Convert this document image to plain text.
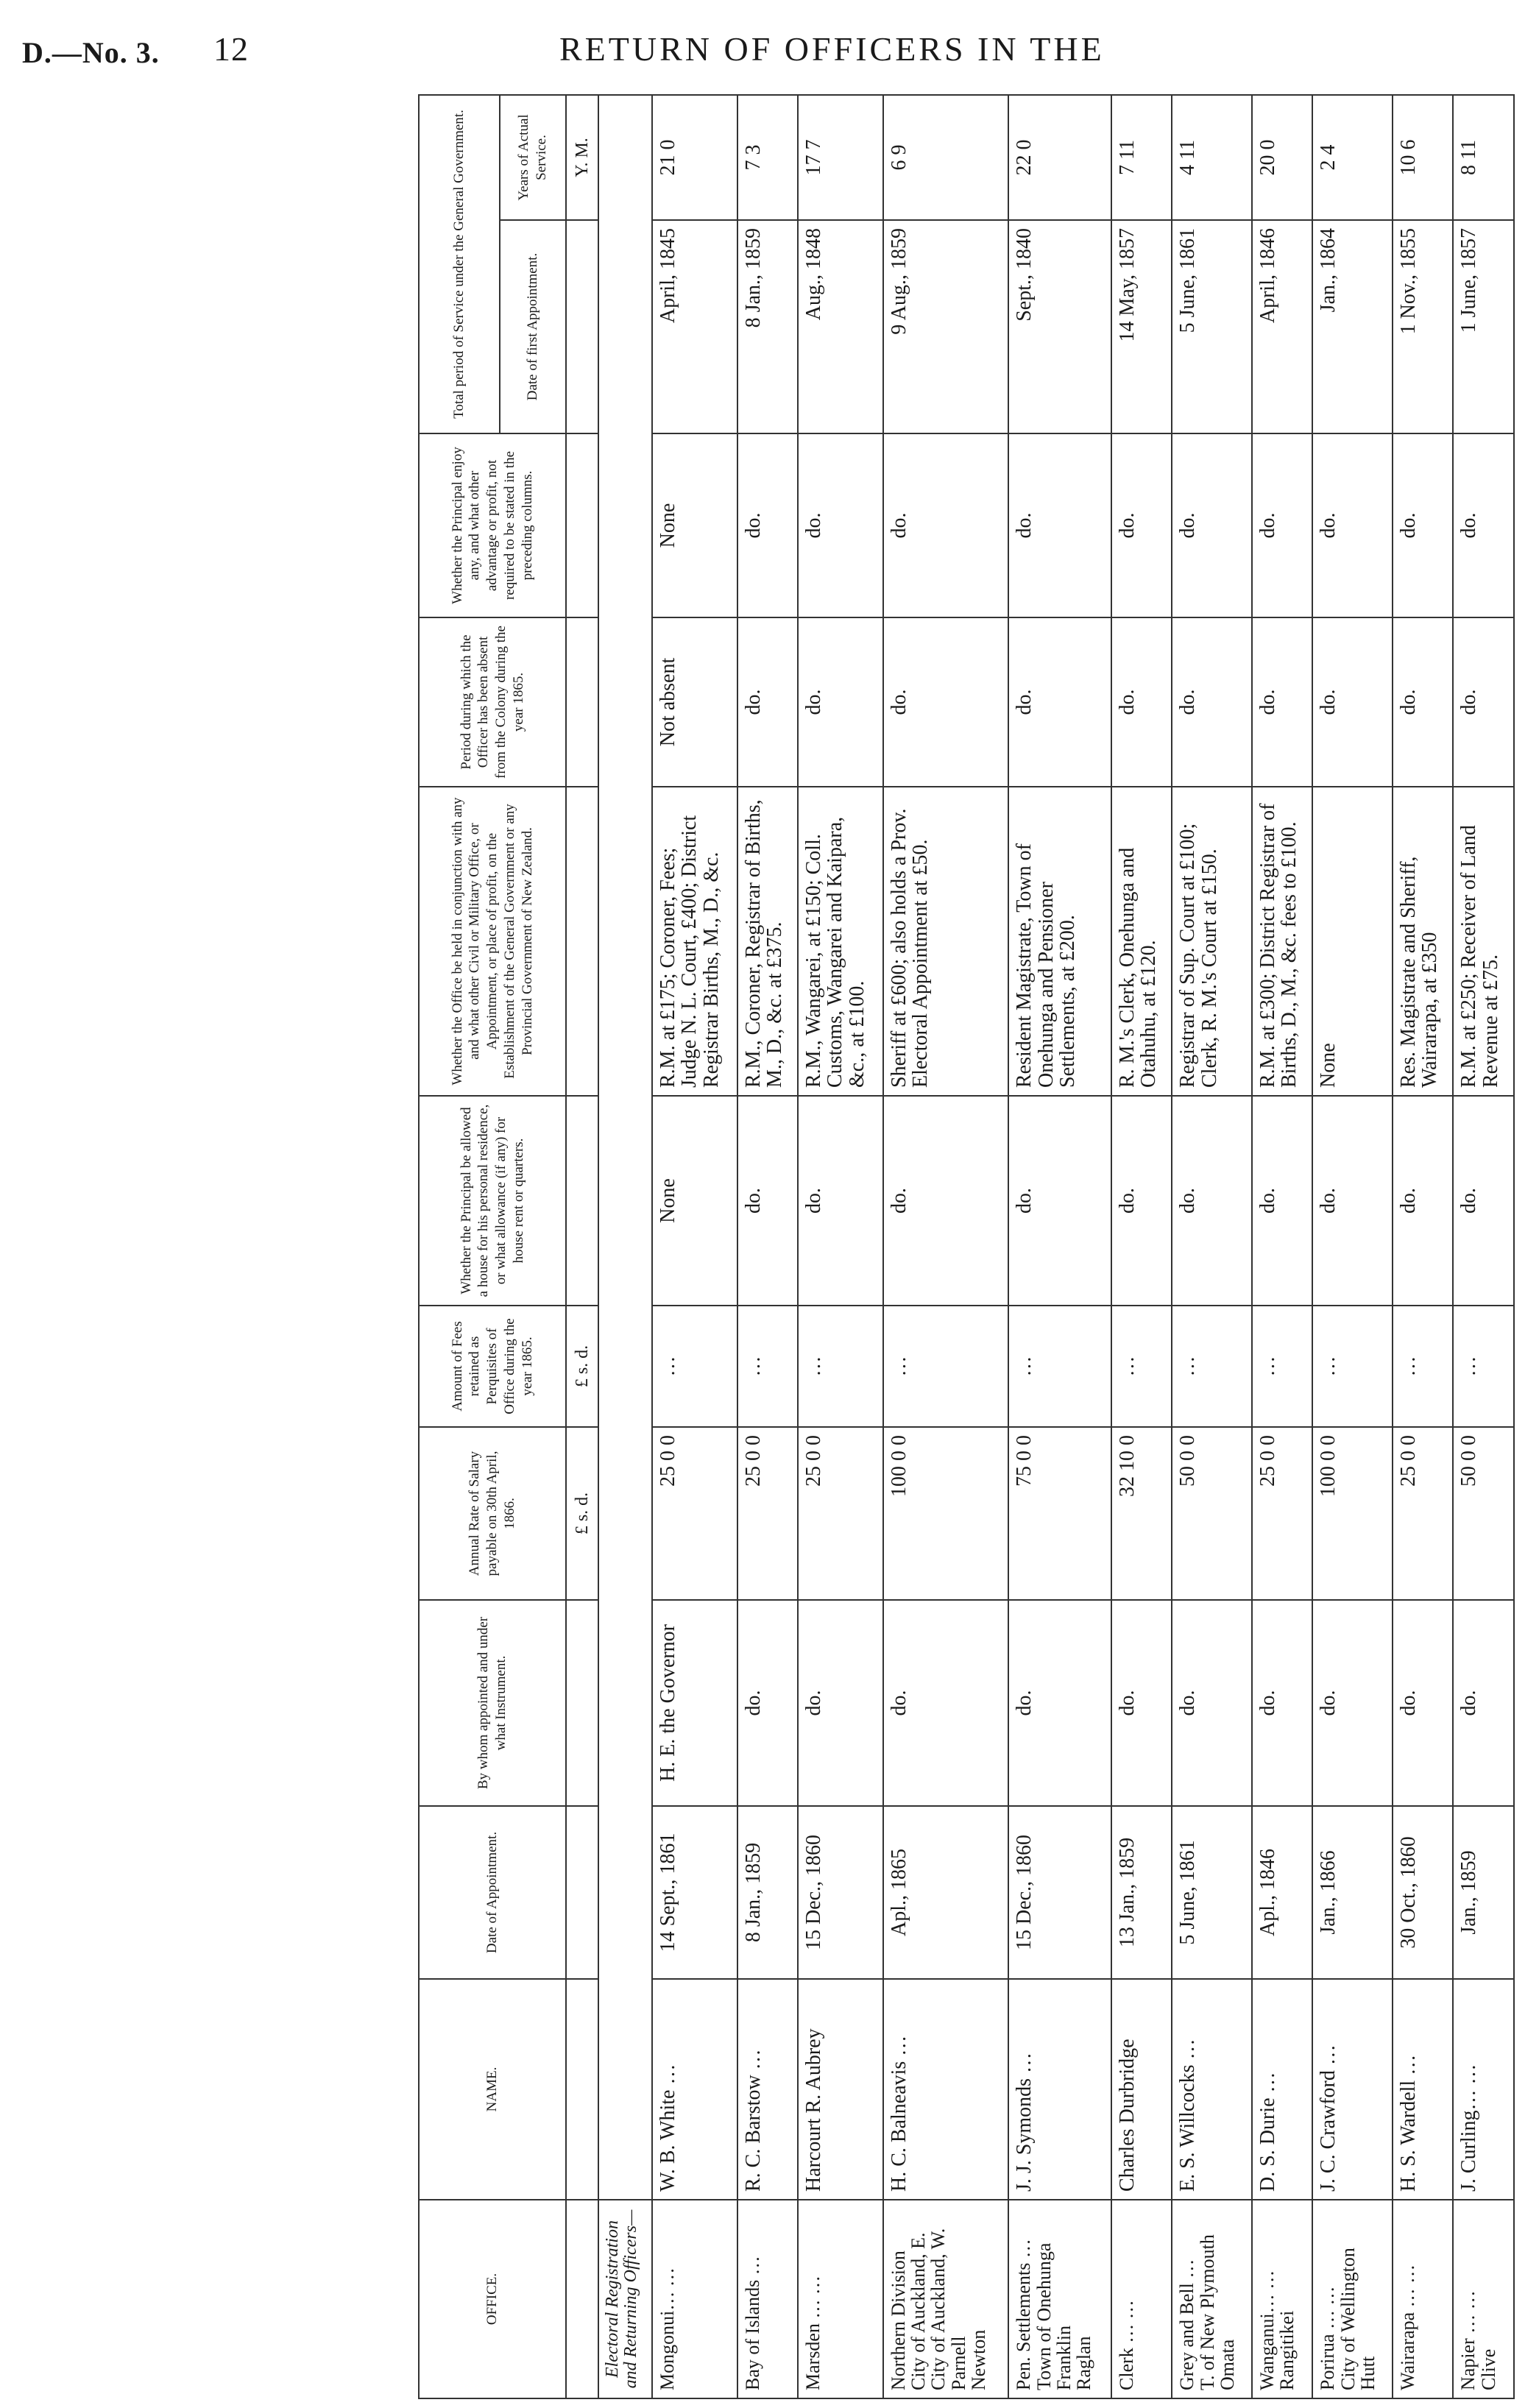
D.—No. 3. 12	RETURN OF OFFICERS IN THE
OFFICE.	NAME.	Date of Appointment.	By whom appointed and under what Instrument.	Annual Rate of Salary payable on 30th April, 1866.	Amount of Fees retained as Perquisites of Office during the year 1865.	Whether the Principal be allowed a house for his personal residence, or what allowance (if any) for house rent or quarters.	Whether the Office be held in conjunction with any and what other Civil or Military Office, or Appointment, or place of profit, on the Establishment of the General Government or any Provincial Government of New Zealand.	Period during which the Officer has been absent from the Colony during the year 1865.	Whether the Principal enjoy any, and what other advantage or profit, not required to be stated in the preceding columns.	Total period of Service under the General Government.	
										Date of first Appointment.	Years of Actual Service.
				£ s. d.	£ s. d.						Y. M.
Electoral Registration and Returning Officers—											
Mongonui… …	W. B. White …	14 Sept., 1861	H. E. the Governor	25 0 0	…	None	R.M. at £175; Coroner, Fees; Judge N. L. Court, £400; District Registrar Births, M., D., &c.	Not absent	None	April, 1845	21 0
Bay of Islands …	R. C. Barstow …	8 Jan., 1859	do.	25 0 0	…	do.	R.M., Coroner, Registrar of Births, M., D., &c. at £375.	do.	do.	8 Jan., 1859	7 3
Marsden … …	Harcourt R. Aubrey	15 Dec., 1860	do.	25 0 0	…	do.	R.M., Wangarei, at £150; Coll. Customs, Wangarei and Kaipara, &c., at £100.	do.	do.	Aug., 1848	17 7
Northern Division
City of Auckland, E.
City of Auckland, W.
Parnell
Newton	H. C. Balneavis …	Apl., 1865	do.	100 0 0	…	do.	Sheriff at £600; also holds a Prov. Electoral Appointment at £50.	do.	do.	9 Aug., 1859	6 9
Pen. Settlements …
Town of Onehunga
Franklin
Raglan	J. J. Symonds …	15 Dec., 1860	do.	75 0 0	…	do.	Resident Magistrate, Town of Onehunga and Pensioner Settlements, at £200.	do.	do.	Sept., 1840	22 0
Clerk … …	Charles Durbridge	13 Jan., 1859	do.	32 10 0	…	do.	R. M.'s Clerk, Onehunga and Otahuhu, at £120.	do.	do.	14 May, 1857	7 11
Grey and Bell …
T. of New Plymouth
Omata	E. S. Willcocks …	5 June, 1861	do.	50 0 0	…	do.	Registrar of Sup. Court at £100; Clerk, R. M.'s Court at £150.	do.	do.	5 June, 1861	4 11
Wanganui… …
Rangitikei	D. S. Durie …	Apl., 1846	do.	25 0 0	…	do.	R.M. at £300; District Registrar of Births, D., M., &c. fees to £100.	do.	do.	April, 1846	20 0
Porirua … …
City of Wellington
Hutt	J. C. Crawford …	Jan., 1866	do.	100 0 0	…	do.	None	do.	do.	Jan., 1864	2 4
Wairarapa … …	H. S. Wardell …	30 Oct., 1860	do.	25 0 0	…	do.	Res. Magistrate and Sheriff, Wairarapa, at £350	do.	do.	1 Nov., 1855	10 6
Napier … …
Clive	J. Curling… …	Jan., 1859	do.	50 0 0	…	do.	R.M. at £250; Receiver of Land Revenue at £75.	do.	do.	1 June, 1857	8 11
